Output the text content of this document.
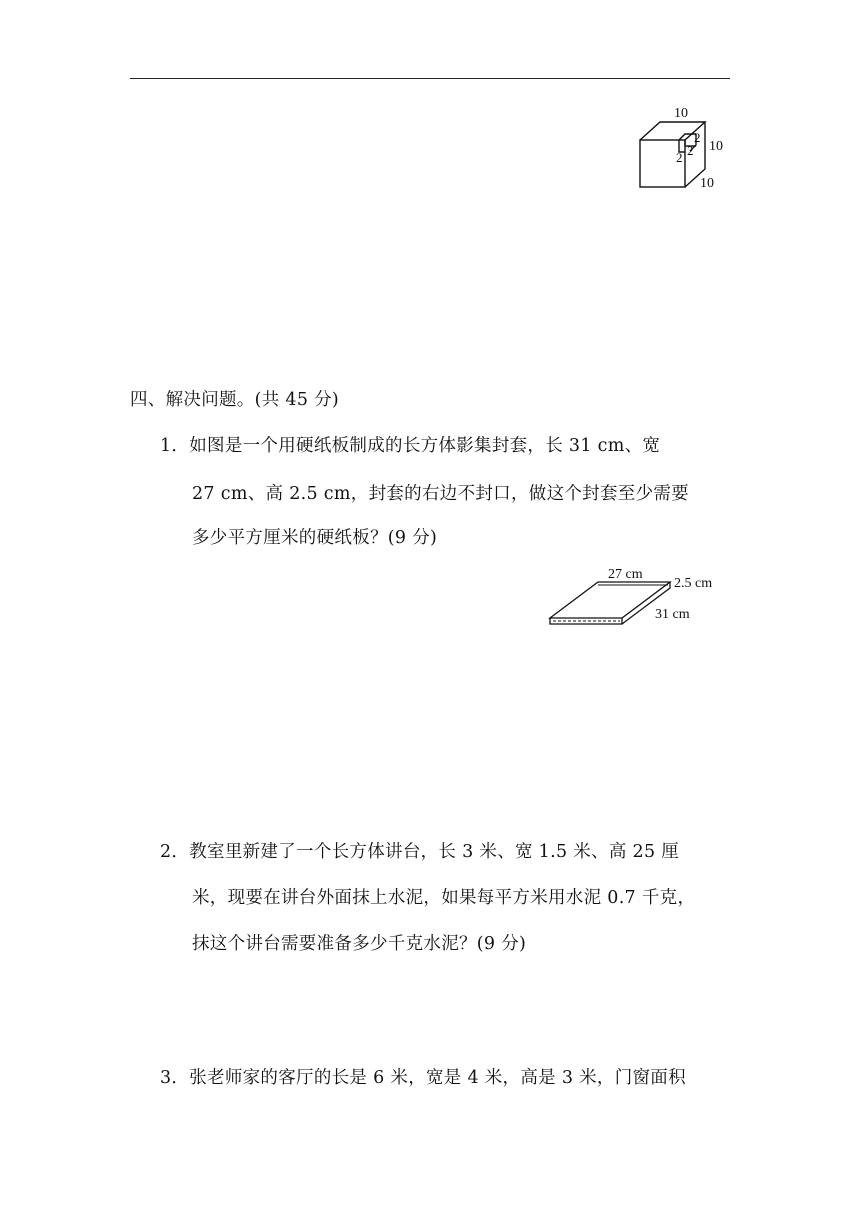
10
2
2
2
10
10
四、解决问题。(共 45 分)
1．如图是一个用硬纸板制成的长方体影集封套，长 31 cm、宽
27 cm、高 2.5 cm，封套的右边不封口，做这个封套至少需要
多少平方厘米的硬纸板？(9 分)
27 cm
2.5 cm
31 cm
2．教室里新建了一个长方体讲台，长 3 米、宽 1.5 米、高 25 厘
米，现要在讲台外面抹上水泥，如果每平方米用水泥 0.7 千克，
抹这个讲台需要准备多少千克水泥？(9 分)
3．张老师家的客厅的长是 6 米，宽是 4 米，高是 3 米，门窗面积
